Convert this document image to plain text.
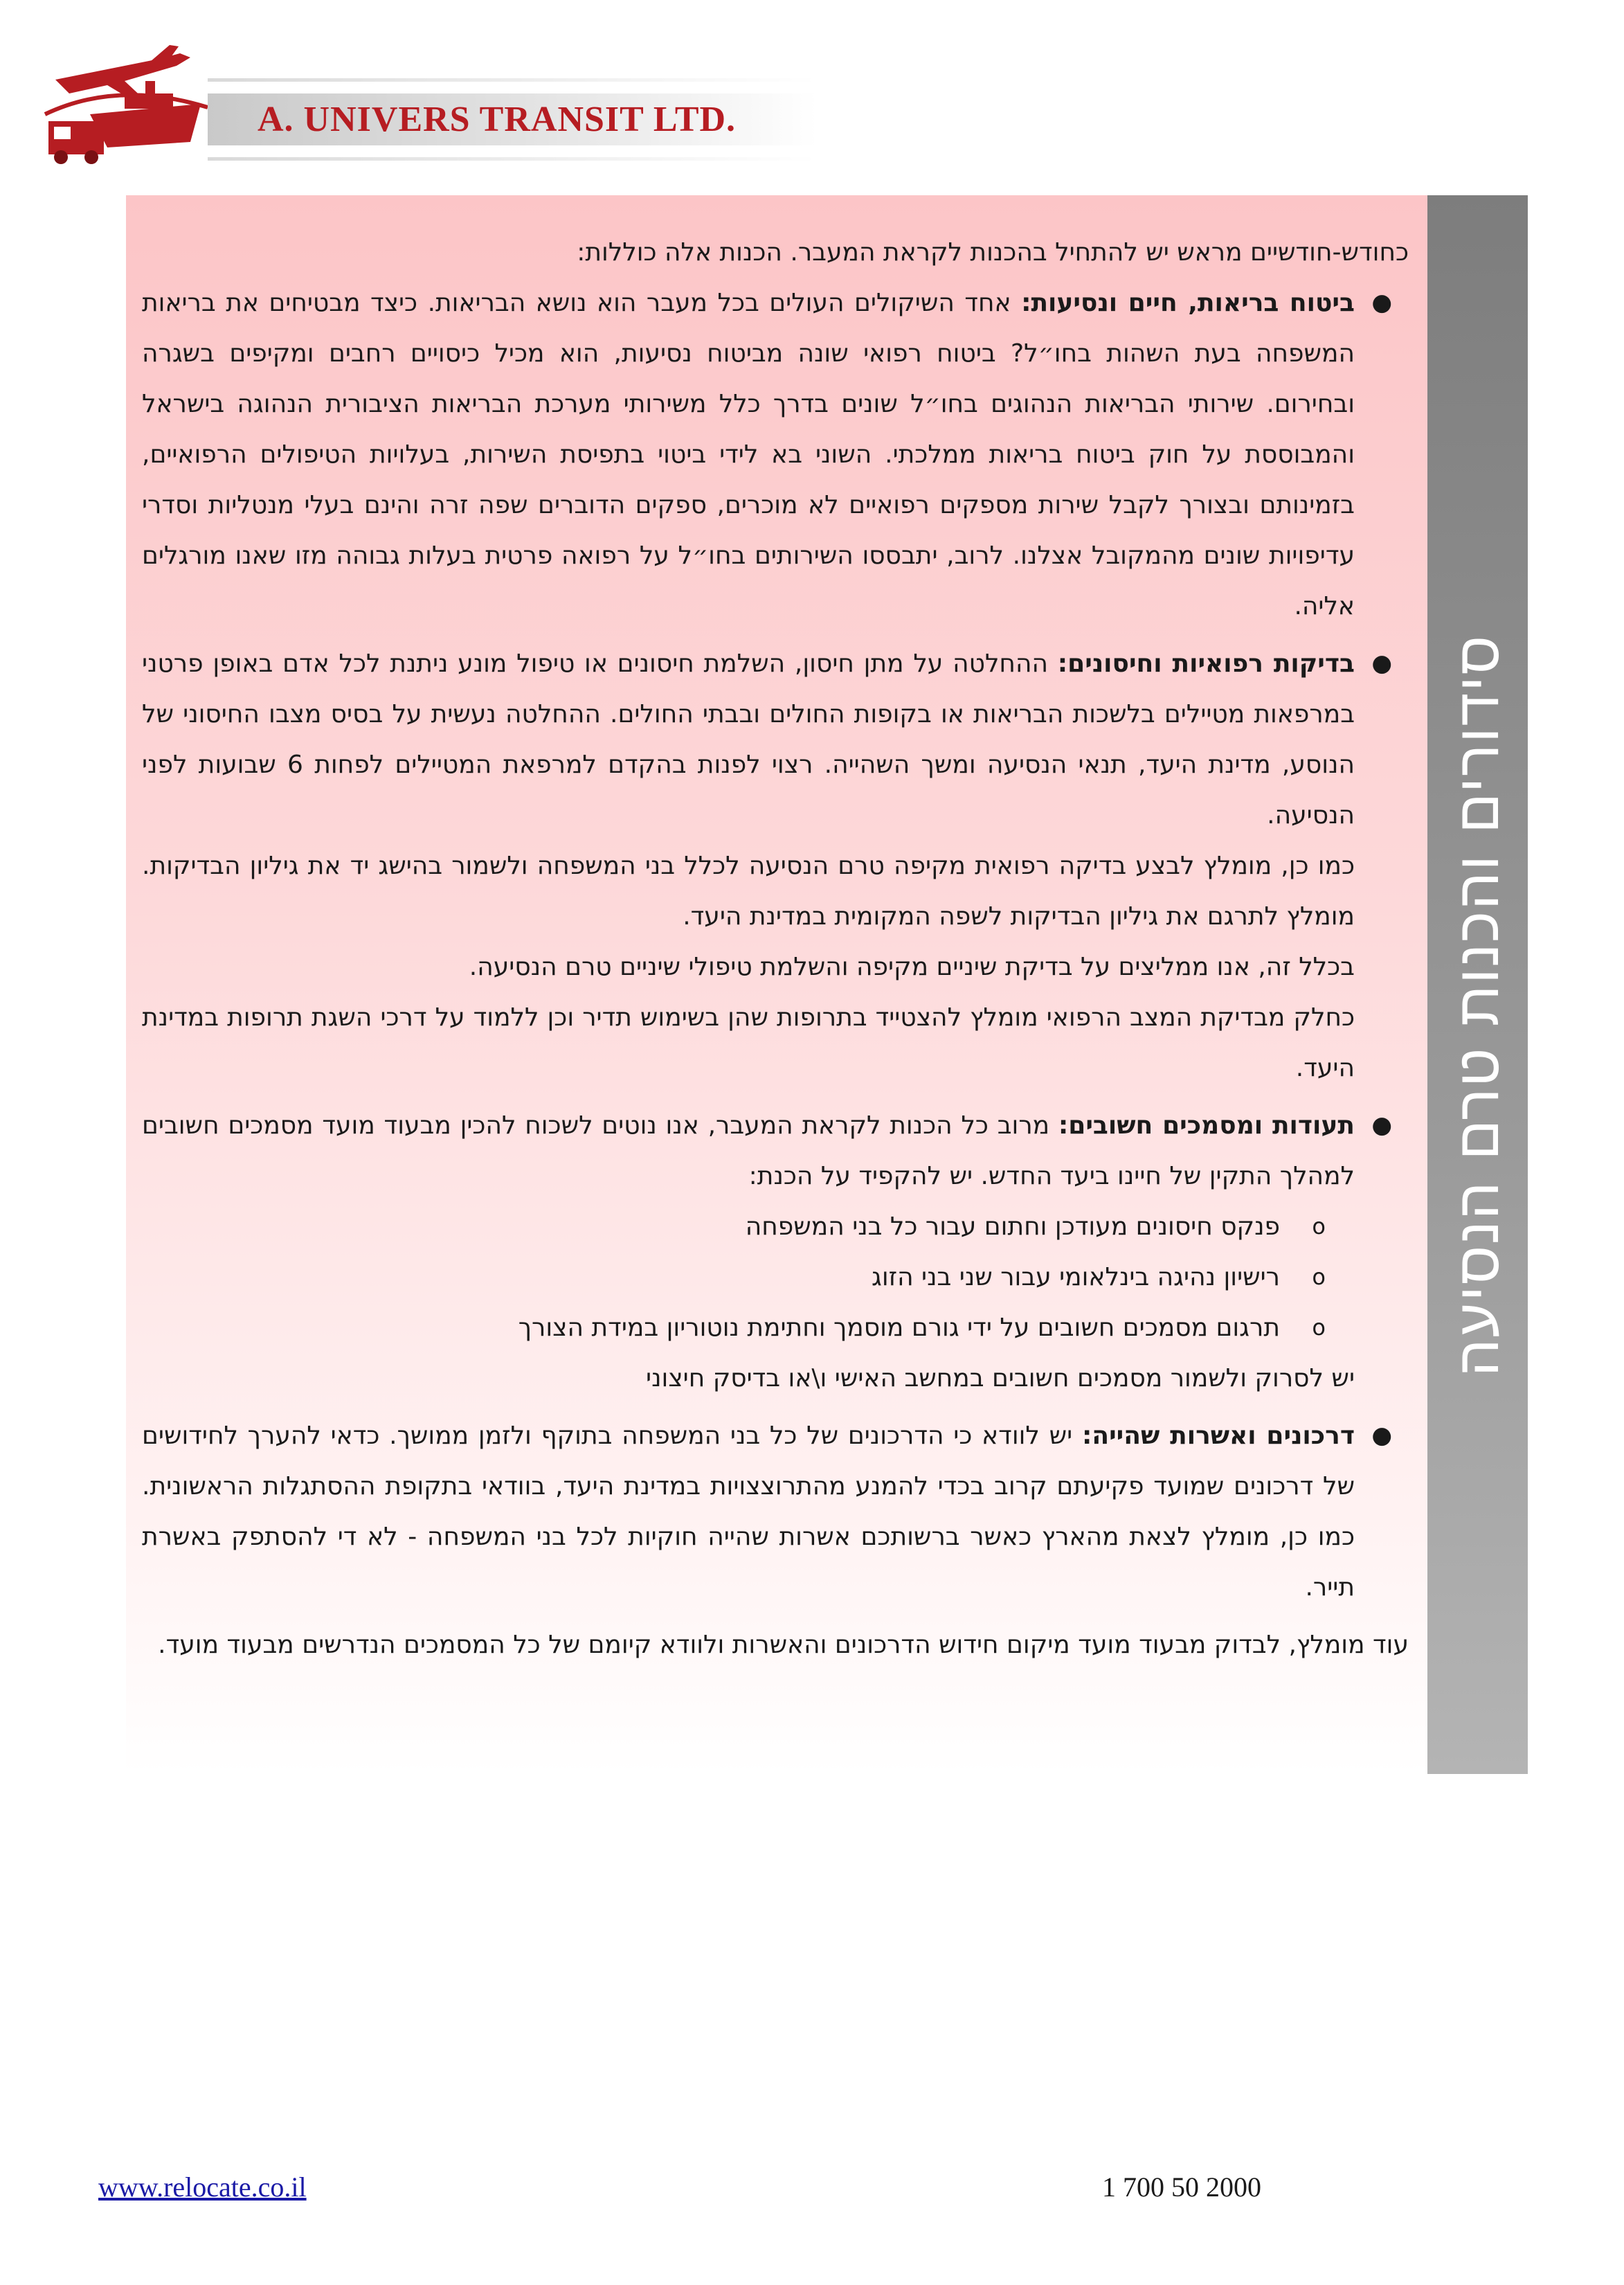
A. UNIVERS TRANSIT LTD.
סידורים והכנות טרם הנסיעה

כחודש-חודשיים מראש יש להתחיל בהכנות לקראת המעבר. הכנות אלה כוללות:

●
ביטוח בריאות, חיים ונסיעות: אחד השיקולים העולים בכל מעבר הוא נושא הבריאות. כיצד מבטיחים את בריאות המשפחה בעת השהות בחו״ל? ביטוח רפואי שונה מביטוח נסיעות, הוא מכיל כיסויים רחבים ומקיפים בשגרה ובחירום. שירותי הבריאות הנהוגים בחו״ל שונים בדרך כלל משירותי מערכת הבריאות הציבורית הנהוגה בישראל והמבוססת על חוק ביטוח בריאות ממלכתי. השוני בא לידי ביטוי בתפיסת השירות, בעלויות הטיפולים הרפואיים, בזמינותם ובצורך לקבל שירות מספקים רפואיים לא מוכרים, ספקים הדוברים שפה זרה והינם בעלי מנטליות וסדרי עדיפויות שונים מהמקובל אצלנו. לרוב, יתבססו השירותים בחו״ל על רפואה פרטית בעלות גבוהה מזו שאנו מורגלים אליה.
●
בדיקות רפואיות וחיסונים: ההחלטה על מתן חיסון, השלמת חיסונים או טיפול מונע ניתנת לכל אדם באופן פרטני במרפאות מטיילים בלשכות הבריאות או בקופות החולים ובבתי החולים. ההחלטה נעשית על בסיס מצבו החיסוני של הנוסע, מדינת היעד, תנאי הנסיעה ומשך השהייה. רצוי לפנות בהקדם למרפאת המטיילים לפחות 6 שבועות לפני הנסיעה.

כמו כן, מומלץ לבצע בדיקה רפואית מקיפה טרם הנסיעה לכלל בני המשפחה ולשמור בהישג יד את גיליון הבדיקות. מומלץ לתרגם את גיליון הבדיקות לשפה המקומית במדינת היעד.

בכלל זה, אנו ממליצים על בדיקת שיניים מקיפה והשלמת טיפולי שיניים טרם הנסיעה.

כחלק מבדיקת המצב הרפואי מומלץ להצטייד בתרופות שהן בשימוש תדיר וכן ללמוד על דרכי השגת תרופות במדינת היעד.

●
תעודות ומסמכים חשובים: מרוב כל הכנות לקראת המעבר, אנו נוטים לשכוח להכין מבעוד מועד מסמכים חשובים למהלך התקין של חיינו ביעד החדש. יש להקפיד על הכנת:
o
פנקס חיסונים מעודכן וחתום עבור כל בני המשפחה
o
רישיון נהיגה בינלאומי עבור שני בני הזוג
o
תרגום מסמכים חשובים על ידי גורם מוסמך וחתימת נוטוריון במידת הצורך

יש לסרוק ולשמור מסמכים חשובים במחשב האישי ו\או בדיסק חיצוני

●
דרכונים ואשרות שהייה: יש לוודא כי הדרכונים של כל בני המשפחה בתוקף ולזמן ממושך. כדאי להערך לחידושים של דרכונים שמועד פקיעתם קרוב בכדי להמנע מהתרוצצויות במדינת היעד, בוודאי בתקופת ההסתגלות הראשונית. כמו כן, מומלץ לצאת מהארץ כאשר ברשותכם אשרות שהייה חוקיות לכל בני המשפחה - לא די להסתפק באשרת תייר.

עוד מומלץ, לבדוק מבעוד מועד מיקום חידוש הדרכונים והאשרות ולוודא קיומם של כל המסמכים הנדרשים מבעוד מועד.

www.relocate.co.il	1 700 50 2000
